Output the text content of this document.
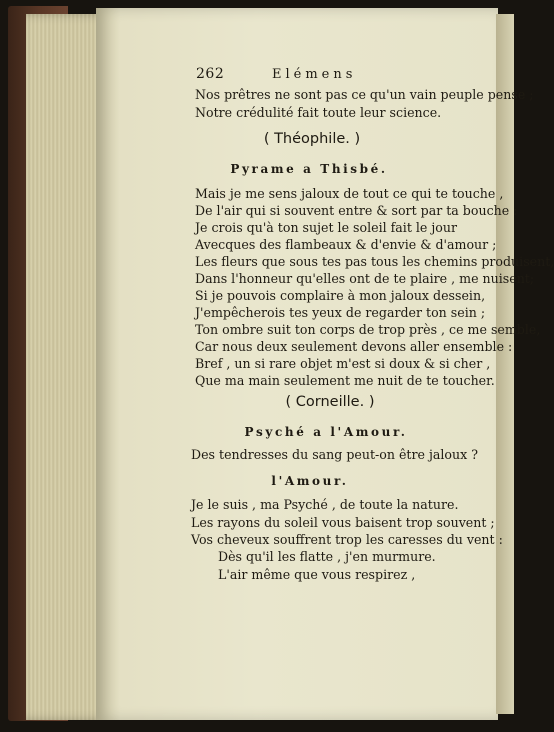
262	Elémens
Nos prêtres ne sont pas ce qu'un vain peuple pense ;
Notre crédulité fait toute leur science.
( Théophile. )
Pyrame a Thisbé.
Mais je me sens jaloux de tout ce qui te touche ,
De l'air qui si souvent entre & sort par ta bouche :
Je crois qu'à ton sujet le soleil fait le jour
Avecques des flambeaux & d'envie & d'amour ;
Les fleurs que sous tes pas tous les chemins produisent,
Dans l'honneur qu'elles ont de te plaire , me nuisent;
Si je pouvois complaire à mon jaloux dessein,
J'empêcherois tes yeux de regarder ton sein ;
Ton ombre suit ton corps de trop près , ce me semble,
Car nous deux seulement devons aller ensemble :
Bref , un si rare objet m'est si doux & si cher ,
Que ma main seulement me nuit de te toucher.
( Corneille. )
Psyché a l'Amour.
Des tendresses du sang peut-on être jaloux ?
l'Amour.
Je le suis , ma Psyché , de toute la nature.
Les rayons du soleil vous baisent trop souvent ;
Vos cheveux souffrent trop les caresses du vent :
Dès qu'il les flatte , j'en murmure.
L'air même que vous respirez ,
